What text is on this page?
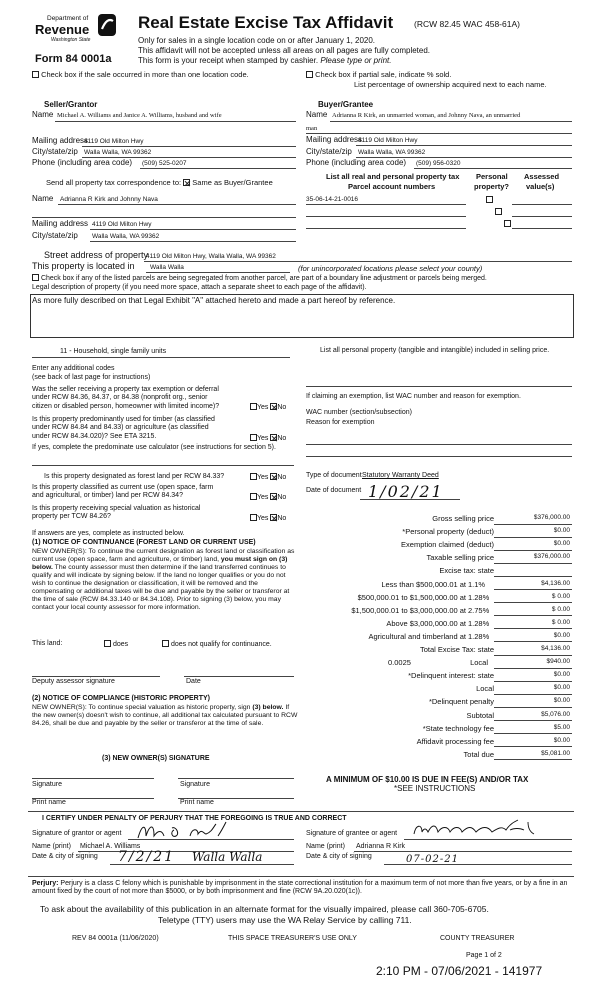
Department of
Revenue
Washington State
Form 84 0001a
Real Estate Excise Tax Affidavit (RCW 82.45 WAC 458-61A)
Only for sales in a single location code on or after January 1, 2020.
This affidavit will not be accepted unless all areas on all pages are fully completed.
This form is your receipt when stamped by cashier. Please type or print.
Check box if the sale occurred in more than one location code.	Check box if partial sale, indicate % sold.
List percentage of ownership acquired next to each name.
Seller/Grantor
Name Michael A. Williams and Janice A. Williams, husband and wife
Mailing address
4119 Old Milton Hwy
City/state/zip Walla Walla, WA 99362
Phone (including area code) (509) 525-0207
Buyer/Grantee
Name Adrianna R Kirk, an unmarried woman, and Johnny Nava, an unmarried
man
Mailing address
4119 Old Milton Hwy
City/state/zip Walla Walla, WA 99362
Phone (including area code) (509) 956-0320
Send all property tax correspondence to: Same as Buyer/Grantee
Name Adrianna R Kirk and Johnny Nava
Mailing address 4119 Old Milton Hwy
City/state/zip Walla Walla, WA 99362
List all real and personal property tax
Parcel account numbers
Personal
property?
Assessed
value(s)
35-06-14-21-0016

Street address of property
4119 Old Milton Hwy, Walla Walla, WA 99362
This property is located in Walla Walla	(for unincorporated locations please select your county)
Check box if any of the listed parcels are being segregated from another parcel, are part of a boundary line adjustment or parcels being merged.
Legal description of property (if you need more space, attach a separate sheet to each page of the affidavit).
As more fully described on that Legal Exhibit "A" attached hereto and made a part hereof by reference.
11 - Household, single family units
Enter any additional codes
(see back of last page for instructions)
Was the seller receiving a property tax exemption or deferral
under RCW 84.36, 84.37, or 84.38 (nonprofit org., senior
citizen or disabled person, homeowner with limited income)?	Yes No
Is this property predominantly used for timber (as classified
under RCW 84.84 and 84.33) or agriculture (as classified
under RCW 84.34.020)? See ETA 3215.	Yes No
If yes, complete the predominate use calculator (see instructions for section 5).
Is this property designated as forest land per RCW 84.33?	Yes No
Is this property classified as current use (open space, farm
and agricultural, or timber) land per RCW 84.34?	Yes No
Is this property receiving special valuation as historical
property per TCW 84.26?	Yes No
If answers are yes, complete as instructed below.
(1) NOTICE OF CONTINUANCE (FOREST LAND OR CURRENT USE)
NEW OWNER(S): To continue the current designation as forest land or classification as current use (open space, farm and agriculture, or timber) land, you must sign on (3) below. The county assessor must then determine if the land transferred continues to qualify and will indicate by signing below. If the land no longer qualifies or you do not wish to continue the designation or classification, it will be removed and the compensating or additional taxes will be due and payable by the seller or transferor at the time of sale (RCW 84.33.140 or 84.34.108). Prior to signing (3) below, you may contact your local county assessor for more information.
This land:	does	does not qualify for continuance.
Deputy assessor signature	Date
(2) NOTICE OF COMPLIANCE (HISTORIC PROPERTY)
NEW OWNER(S): To continue special valuation as historic property, sign (3) below. If the new owner(s) doesn't wish to continue, all additional tax calculated pursuant to RCW 84.26, shall be due and payable by the seller or transferor at the time of sale.
(3) NEW OWNER(S) SIGNATURE
Signature	Signature
Print name	Print name
List all personal property (tangible and intangible) included in selling price.
If claiming an exemption, list WAC number and reason for exemption.
WAC number (section/subsection)
Reason for exemption
Type of document Statutory Warranty Deed
Date of document 1/02/21
Gross selling price	$376,000.00
*Personal property (deduct)	$0.00
Exemption claimed (deduct)	$0.00
Taxable selling price	$376,000.00
Excise tax: state
Less than $500,000.01 at 1.1%	$4,136.00
$500,000.01 to $1,500,000.00 at 1.28%	$ 0.00
$1,500,000.01 to $3,000,000.00 at 2.75%	$ 0.00
Above $3,000,000.00 at 1.28%	$ 0.00
Agricultural and timberland at 1.28%	$0.00
Total Excise Tax: state	$4,136.00
Local
0.0025	$940.00
*Delinquent interest: state	$0.00
Local	$0.00
*Delinquent penalty	$0.00
Subtotal	$5,076.00
*State technology fee	$5.00
Affidavit processing fee	$0.00
Total due	$5,081.00
A MINIMUM OF $10.00 IS DUE IN FEE(S) AND/OR TAX
*SEE INSTRUCTIONS
I CERTIFY UNDER PENALTY OF PERJURY THAT THE FOREGOING IS TRUE AND CORRECT
Signature of grantor or agent
Name (print) Michael A. Williams
Date & city of signing 7/2/21 Walla Walla
Signature of grantee or agent
Name (print) Adrianna R Kirk
Date & city of signing	07-02-21
Perjury: Perjury is a class C felony which is punishable by imprisonment in the state correctional institution for a maximum term of not more than five years, or by a fine in an amount fixed by the court of not more than $5000, or by both imprisonment and fine (RCW 9A.20.020(1c)).
To ask about the availability of this publication in an alternate format for the visually impaired, please call 360-705-6705.
Teletype (TTY) users may use the WA Relay Service by calling 711.
REV 84 0001a (11/06/2020)	THIS SPACE TREASURER'S USE ONLY	COUNTY TREASURER
Page 1 of 2
2:10 PM - 07/06/2021 - 141977
